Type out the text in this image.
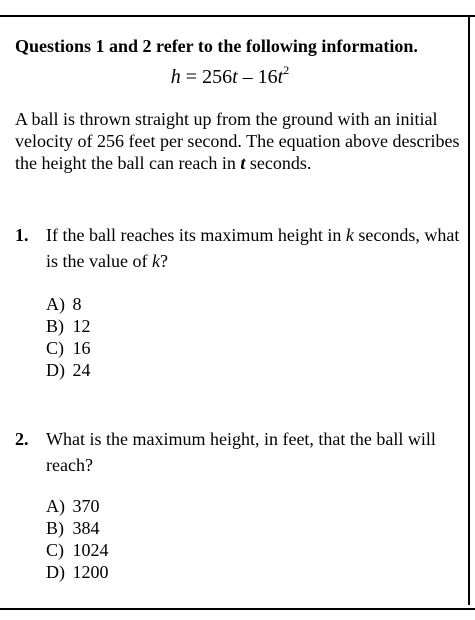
Questions 1 and 2 refer to the following information.
$h = 256t - 16t^2$
A ball is thrown straight up from the ground with an initial velocity of 256 feet per second. The equation above describes the height the ball can reach in t seconds.
1. If the ball reaches its maximum height in k seconds, what is the value of k?
A) 8
B) 12
C) 16
D) 24
2. What is the maximum height, in feet, that the ball will reach?
A) 370
B) 384
C) 1024
D) 1200
